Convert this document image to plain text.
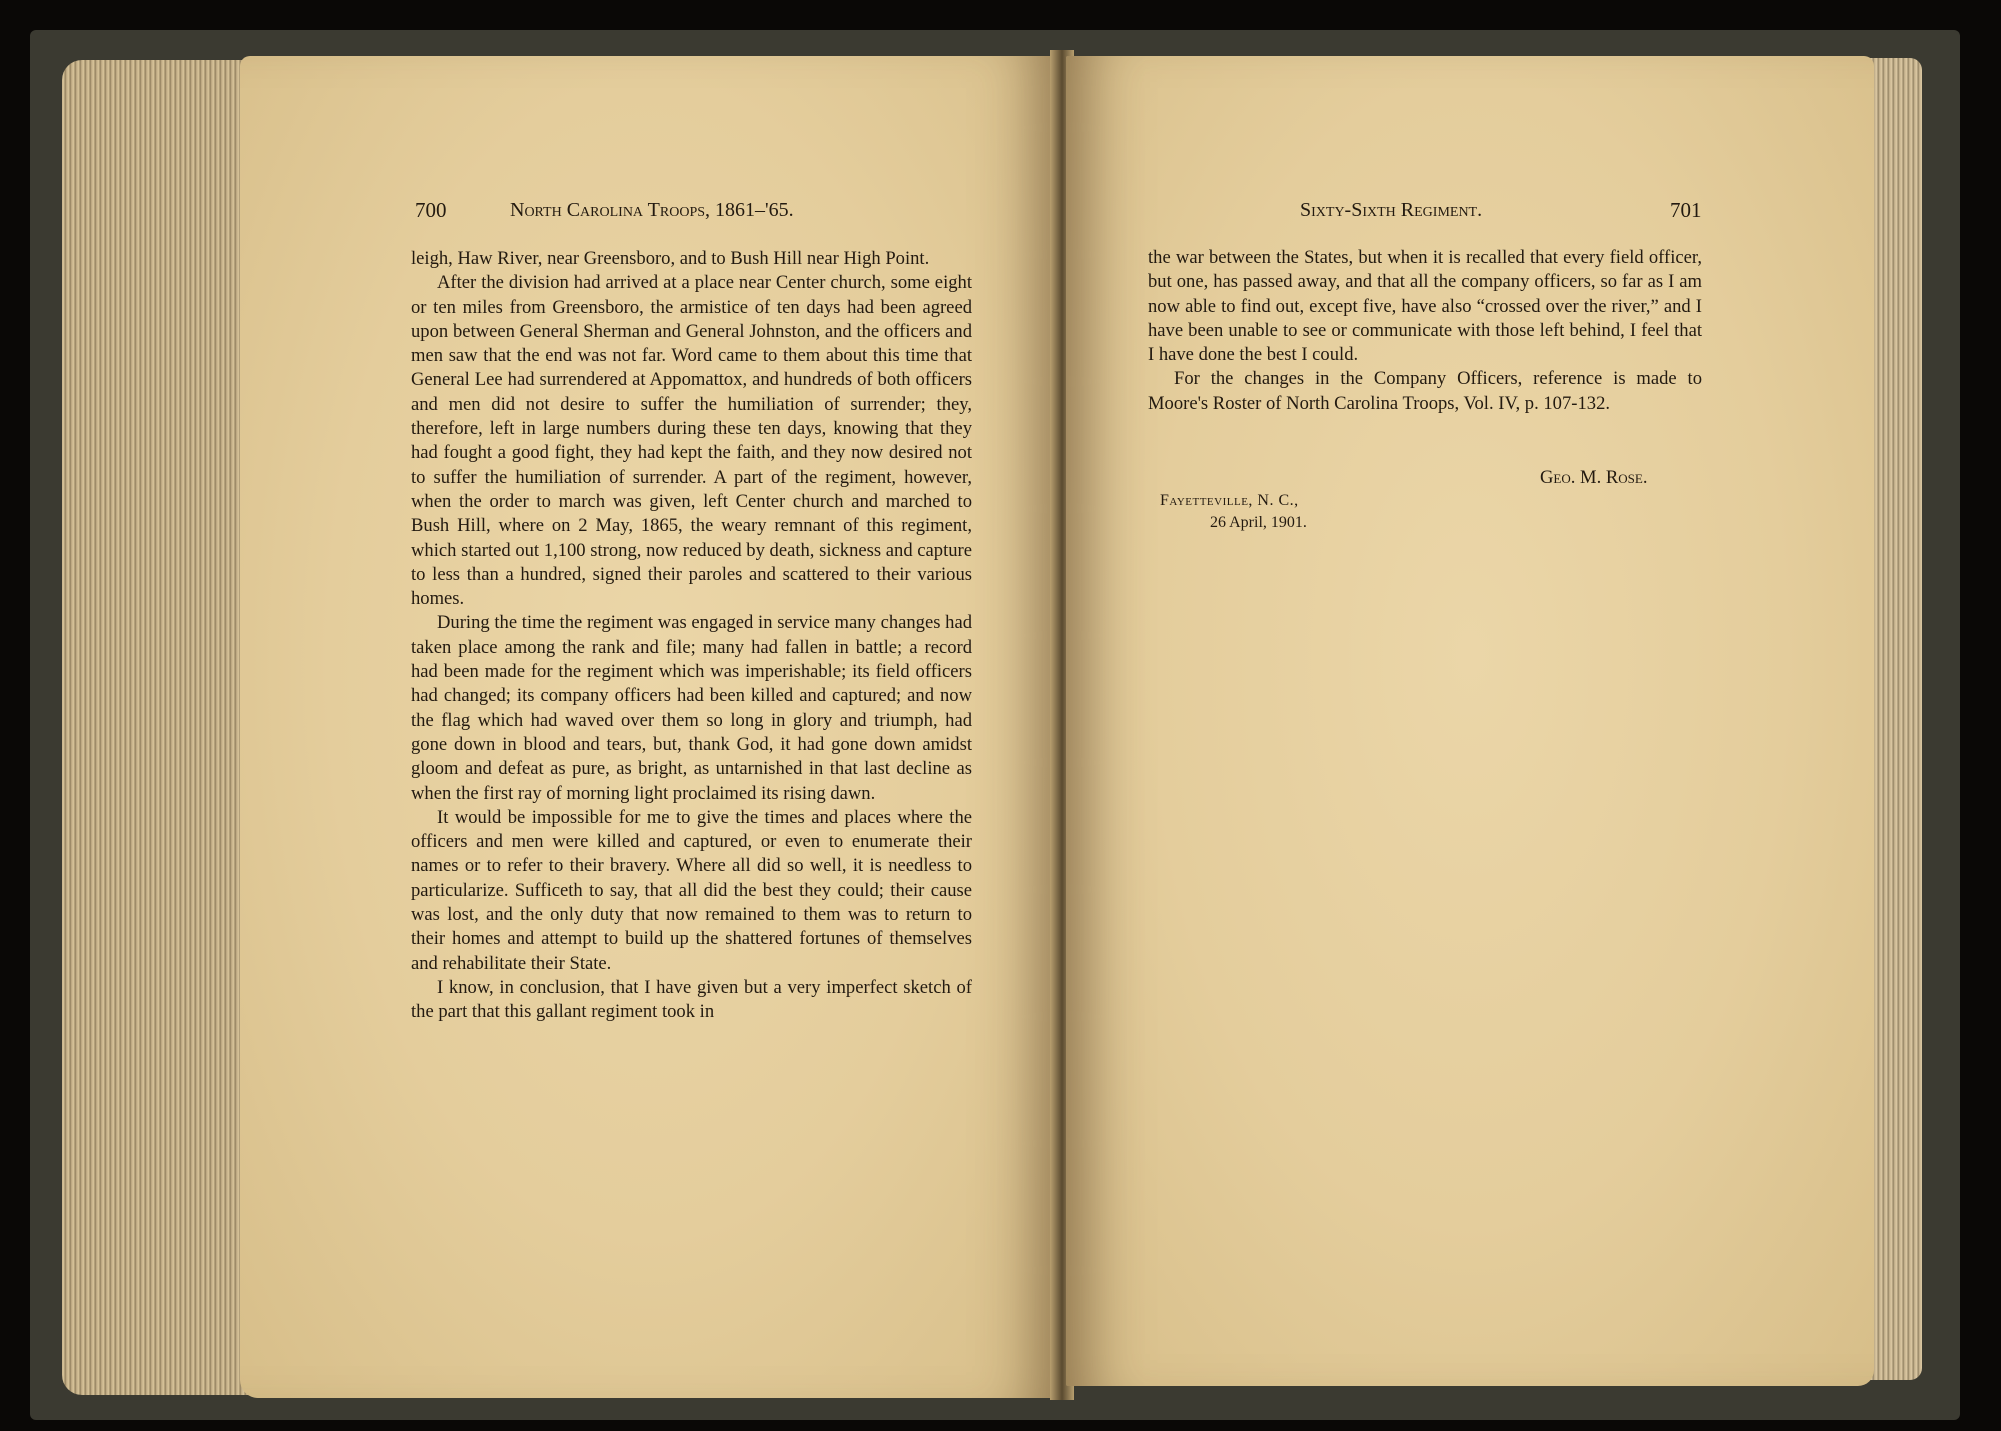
700	North Carolina Troops, 1861–'65.

leigh, Haw River, near Greensboro, and to Bush Hill near High Point.

After the division had arrived at a place near Center church, some eight or ten miles from Greensboro, the armistice of ten days had been agreed upon between General Sherman and General Johnston, and the officers and men saw that the end was not far. Word came to them about this time that General Lee had surrendered at Appomattox, and hundreds of both officers and men did not desire to suffer the humiliation of surrender; they, therefore, left in large numbers during these ten days, knowing that they had fought a good fight, they had kept the faith, and they now desired not to suffer the humiliation of surrender. A part of the regiment, however, when the order to march was given, left Center church and marched to Bush Hill, where on 2 May, 1865, the weary remnant of this regiment, which started out 1,100 strong, now reduced by death, sickness and capture to less than a hundred, signed their paroles and scattered to their various homes.

During the time the regiment was engaged in service many changes had taken place among the rank and file; many had fallen in battle; a record had been made for the regiment which was imperishable; its field officers had changed; its company officers had been killed and captured; and now the flag which had waved over them so long in glory and triumph, had gone down in blood and tears, but, thank God, it had gone down amidst gloom and defeat as pure, as bright, as untarnished in that last decline as when the first ray of morning light proclaimed its rising dawn.

It would be impossible for me to give the times and places where the officers and men were killed and captured, or even to enumerate their names or to refer to their bravery. Where all did so well, it is needless to particularize. Sufficeth to say, that all did the best they could; their cause was lost, and the only duty that now remained to them was to return to their homes and attempt to build up the shattered fortunes of themselves and rehabilitate their State.

I know, in conclusion, that I have given but a very imperfect sketch of the part that this gallant regiment took in

Sixty-Sixth Regiment.	701

the war between the States, but when it is recalled that every field officer, but one, has passed away, and that all the company officers, so far as I am now able to find out, except five, have also “crossed over the river,” and I have been unable to see or communicate with those left behind, I feel that I have done the best I could.

For the changes in the Company Officers, reference is made to Moore's Roster of North Carolina Troops, Vol. IV, p. 107-132.

Geo. M. Rose.
Fayetteville, N. C.,
26 April, 1901.
